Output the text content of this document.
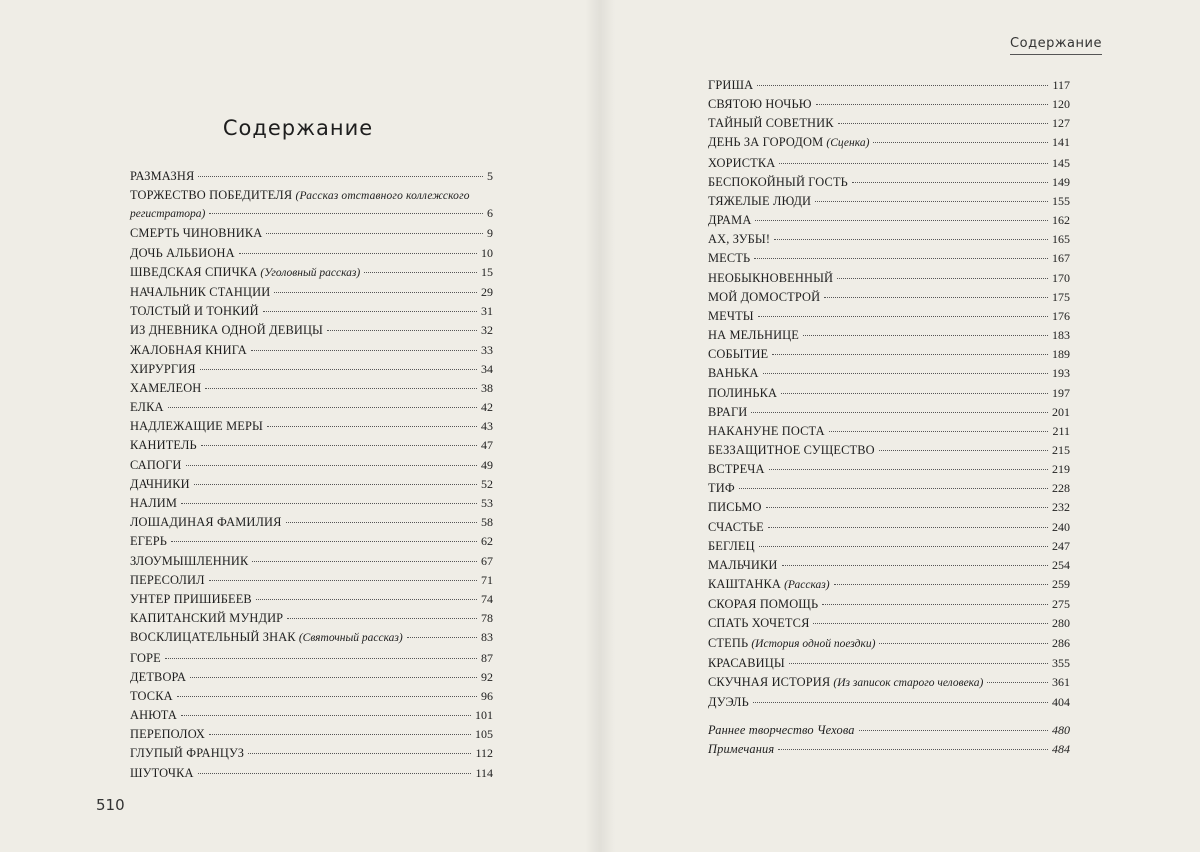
Содержание
Содержание
РАЗМАЗНЯ	5
ТОРЖЕСТВО ПОБЕДИТЕЛЯ (Рассказ отставного коллежского
регистратора)	6
СМЕРТЬ ЧИНОВНИКА	9
ДОЧЬ АЛЬБИОНА	10
ШВЕДСКАЯ СПИЧКА
(Уголовный рассказ)	15
НАЧАЛЬНИК СТАНЦИИ	29
ТОЛСТЫЙ И ТОНКИЙ	31
ИЗ ДНЕВНИКА ОДНОЙ ДЕВИЦЫ	32
ЖАЛОБНАЯ КНИГА	33
ХИРУРГИЯ	34
ХАМЕЛЕОН	38
ЕЛКА	42
НАДЛЕЖАЩИЕ МЕРЫ	43
КАНИТЕЛЬ	47
САПОГИ	49
ДАЧНИКИ	52
НАЛИМ	53
ЛОШАДИНАЯ ФАМИЛИЯ	58
ЕГЕРЬ	62
ЗЛОУМЫШЛЕННИК	67
ПЕРЕСОЛИЛ	71
УНТЕР ПРИШИБЕЕВ	74
КАПИТАНСКИЙ МУНДИР	78
ВОСКЛИЦАТЕЛЬНЫЙ ЗНАК
(Святочный рассказ)	83
ГОРЕ	87
ДЕТВОРА	92
ТОСКА	96
АНЮТА	101
ПЕРЕПОЛОХ	105
ГЛУПЫЙ ФРАНЦУЗ	112
ШУТОЧКА	114
ГРИША	117
СВЯТОЮ НОЧЬЮ	120
ТАЙНЫЙ СОВЕТНИК	127
ДЕНЬ ЗА ГОРОДОМ
(Сценка)	141
ХОРИСТКА	145
БЕСПОКОЙНЫЙ ГОСТЬ	149
ТЯЖЕЛЫЕ ЛЮДИ	155
ДРАМА	162
АХ, ЗУБЫ!	165
МЕСТЬ	167
НЕОБЫКНОВЕННЫЙ	170
МОЙ ДОМОСТРОЙ	175
МЕЧТЫ	176
НА МЕЛЬНИЦЕ	183
СОБЫТИЕ	189
ВАНЬКА	193
ПОЛИНЬКА	197
ВРАГИ	201
НАКАНУНЕ ПОСТА	211
БЕЗЗАЩИТНОЕ СУЩЕСТВО	215
ВСТРЕЧА	219
ТИФ	228
ПИСЬМО	232
СЧАСТЬЕ	240
БЕГЛЕЦ	247
МАЛЬЧИКИ	254
КАШТАНКА
(Рассказ)	259
СКОРАЯ ПОМОЩЬ	275
СПАТЬ ХОЧЕТСЯ	280
СТЕПЬ
(История одной поездки)	286
КРАСАВИЦЫ	355
СКУЧНАЯ ИСТОРИЯ
(Из записок старого человека)	361
ДУЭЛЬ	404
Раннее творчество Чехова	480
Примечания	484
510
